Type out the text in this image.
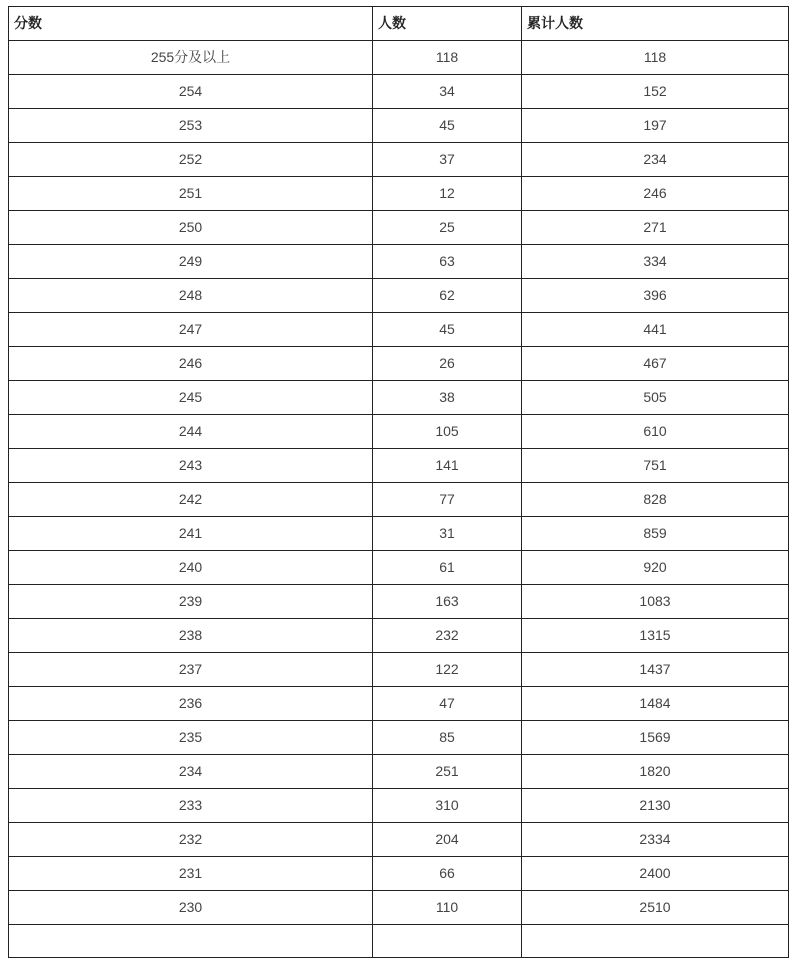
分数	人数	累计人数
255分及以上	118	118
254	34	152
253	45	197
252	37	234
251	12	246
250	25	271
249	63	334
248	62	396
247	45	441
246	26	467
245	38	505
244	105	610
243	141	751
242	77	828
241	31	859
240	61	920
239	163	1083
238	232	1315
237	122	1437
236	47	1484
235	85	1569
234	251	1820
233	310	2130
232	204	2334
231	66	2400
230	110	2510
